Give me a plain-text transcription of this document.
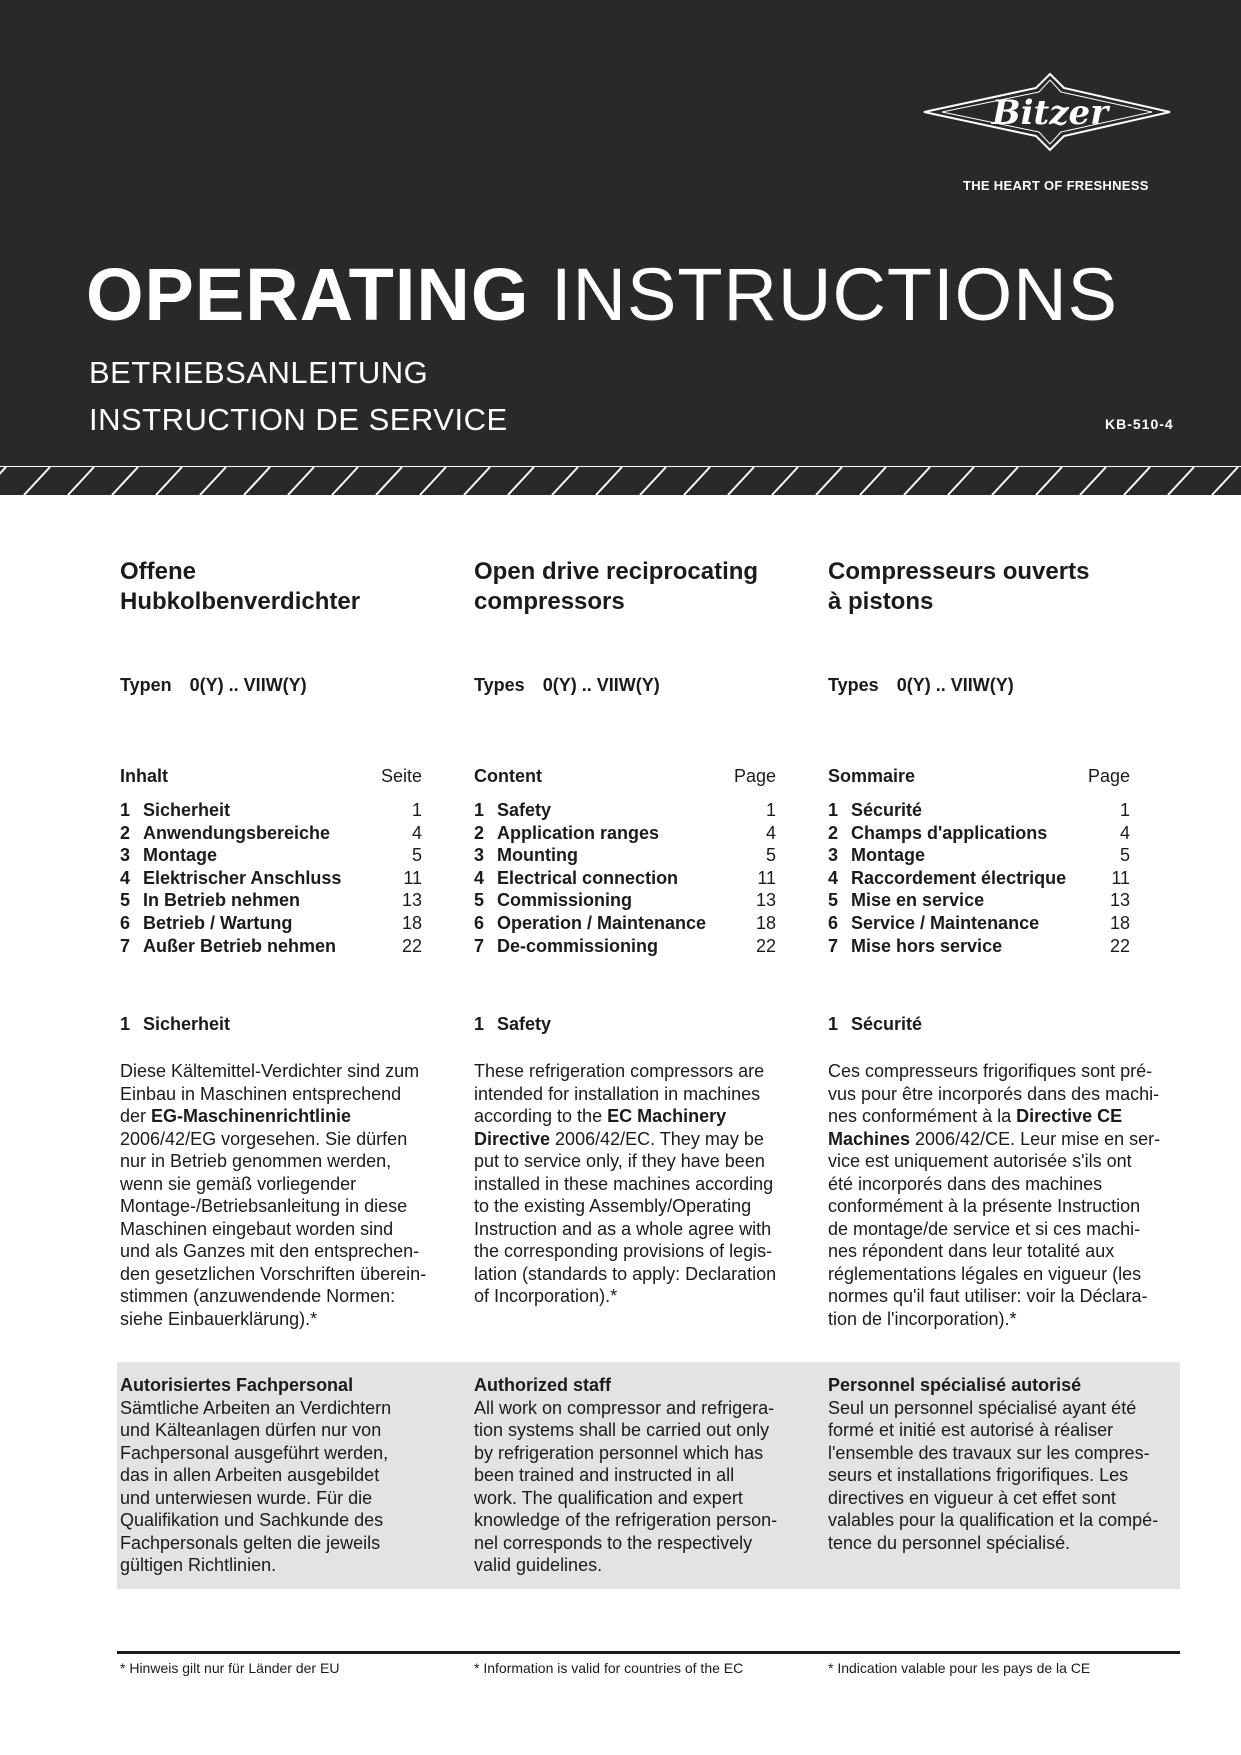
Bitzer
THE HEART OF FRESHNESS
OPERATING INSTRUCTIONS
BETRIEBSANLEITUNG
INSTRUCTION DE SERVICE	KB-510-4
Offene
Hubkolbenverdichter
Typen 0(Y) .. VIIW(Y)
Inhalt	Seite
1 Sicherheit	1
2 Anwendungsbereiche	4
3 Montage	5
4 Elektrischer Anschluss	11
5 In Betrieb nehmen	13
6 Betrieb / Wartung	18
7 Außer Betrieb nehmen	22
1 Sicherheit
Diese Kältemittel-Verdichter sind zum
Einbau in Maschinen entsprechend
der EG-Maschinenrichtlinie
2006/42/EG vorgesehen. Sie dürfen
nur in Betrieb genommen werden,
wenn sie gemäß vorliegender
Montage-/Betriebsanleitung in diese
Maschinen eingebaut worden sind
und als Ganzes mit den entsprechen-
den gesetzlichen Vorschriften überein-
stimmen (anzuwendende Normen:
siehe Einbauerklärung).*
Open drive reciprocating
compressors
Types 0(Y) .. VIIW(Y)
Content	Page
1 Safety	1
2 Application ranges	4
3 Mounting	5
4 Electrical connection	11
5 Commissioning	13
6 Operation / Maintenance	18
7 De-commissioning	22
1 Safety
These refrigeration compressors are
intended for installation in machines
according to the EC Machinery
Directive 2006/42/EC. They may be
put to service only, if they have been
installed in these machines according
to the existing Assembly/Operating
Instruction and as a whole agree with
the corresponding provisions of legis-
lation (standards to apply: Declaration
of Incorporation).*
Compresseurs ouverts
à pistons
Types 0(Y) .. VIIW(Y)
Sommaire	Page
1 Sécurité	1
2 Champs d'applications	4
3 Montage	5
4 Raccordement électrique	11
5 Mise en service	13
6 Service / Maintenance	18
7 Mise hors service	22
1 Sécurité
Ces compresseurs frigorifiques sont pré-
vus pour être incorporés dans des machi-
nes conformément à la Directive CE
Machines 2006/42/CE. Leur mise en ser-
vice est uniquement autorisée s'ils ont
été incorporés dans des machines
conformément à la présente Instruction
de montage/de service et si ces machi-
nes répondent dans leur totalité aux
réglementations légales en vigueur (les
normes qu'il faut utiliser: voir la Déclara-
tion de l'incorporation).*
Autorisiertes Fachpersonal
Sämtliche Arbeiten an Verdichtern
und Kälteanlagen dürfen nur von
Fachpersonal ausgeführt werden,
das in allen Arbeiten ausgebildet
und unterwiesen wurde. Für die
Qualifikation und Sachkunde des
Fachpersonals gelten die jeweils
gültigen Richtlinien.
Authorized staff
All work on compressor and refrigera-
tion systems shall be carried out only
by refrigeration personnel which has
been trained and instructed in all
work. The qualification and expert
knowledge of the refrigeration person-
nel corresponds to the respectively
valid guidelines.
Personnel spécialisé autorisé
Seul un personnel spécialisé ayant été
formé et initié est autorisé à réaliser
l'ensemble des travaux sur les compres-
seurs et installations frigorifiques. Les
directives en vigueur à cet effet sont
valables pour la qualification et la compé-
tence du personnel spécialisé.
* Hinweis gilt nur für Länder der EU	* Information is valid for countries of the EC	* Indication valable pour les pays de la CE
